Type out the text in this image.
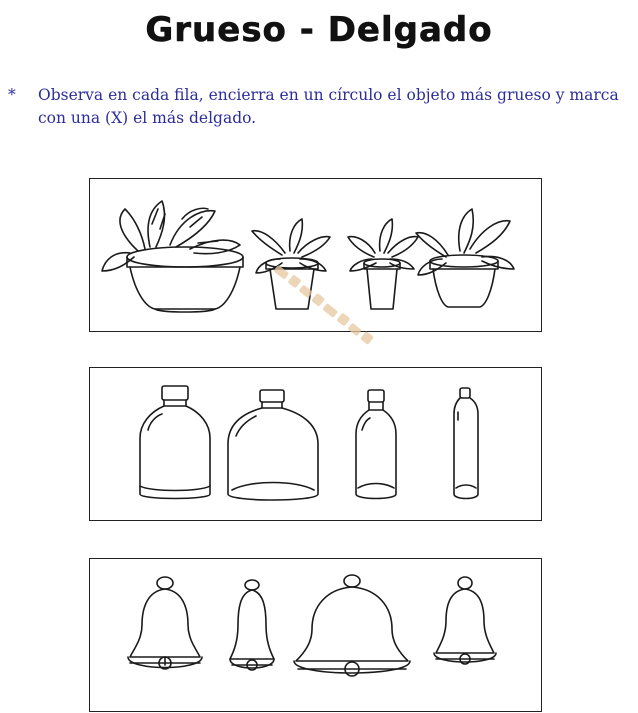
Grueso - Delgado
* Observa en cada fila, encierra en un círculo el objeto más grueso y marca con una (X) el más delgado.
